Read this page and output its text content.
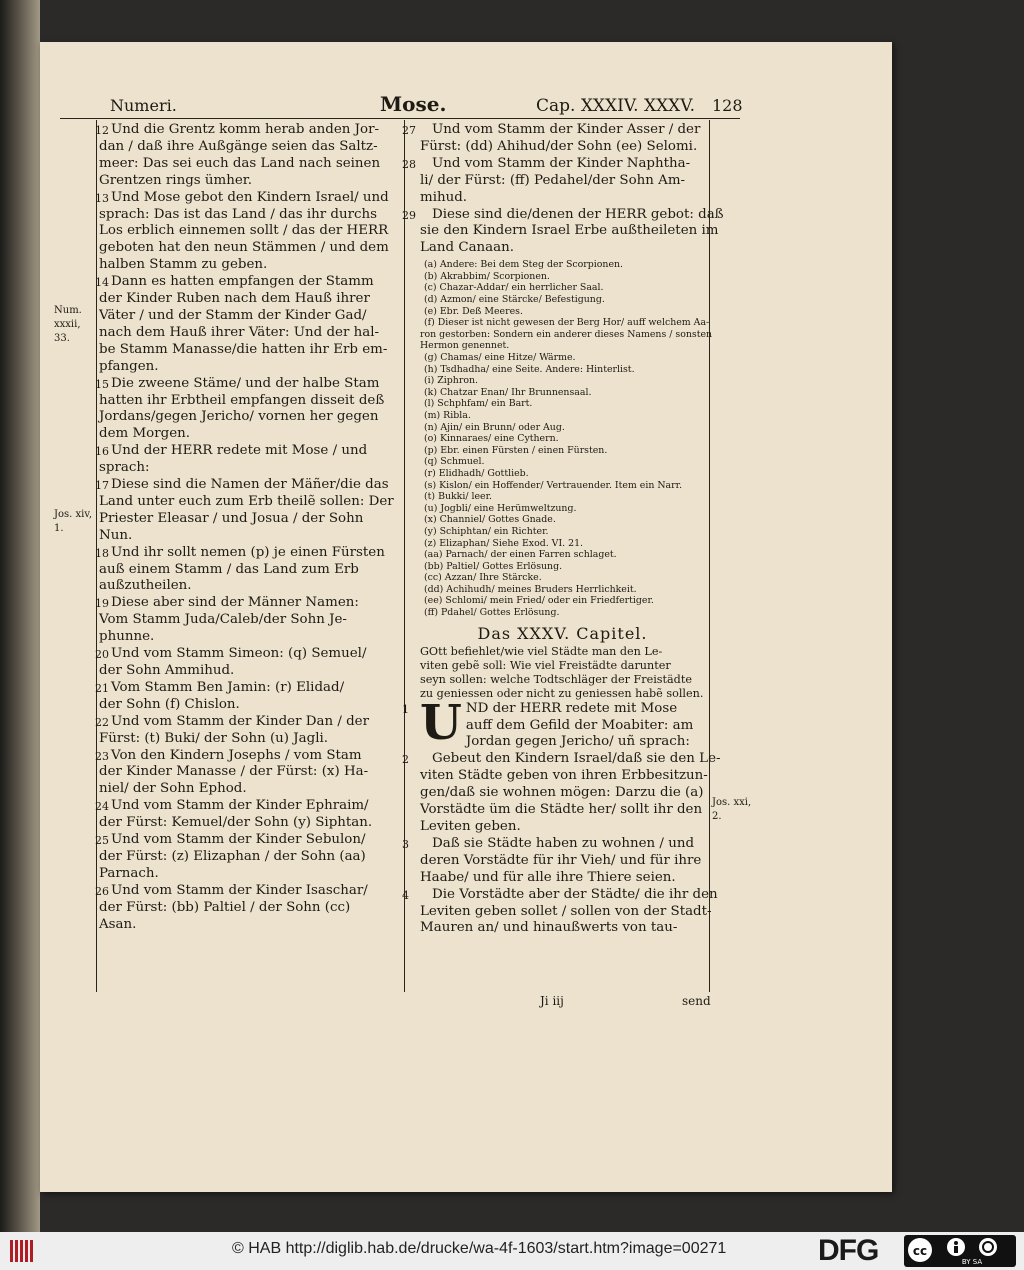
Numeri.	Mose.	Cap. XXXIV. XXXV. 128
Num.
xxxii,
33.
Jos. xiv,
1.
Jos. xxi,
2.
Und die Grentz komm herab anden Jor-
dan / daß ihre Außgänge seien das Saltz-
meer: Das sei euch das Land nach seinen
Grentzen rings ümher.
12
Und Mose gebot den Kindern Israel/ und
sprach: Das ist das Land / das ihr durchs
Los erblich einnemen sollt / das der HERR
geboten hat den neun Stämmen / und dem
halben Stamm zu geben.
13
Dann es hatten empfangen der Stamm
der Kinder Ruben nach dem Hauß ihrer
Väter / und der Stamm der Kinder Gad/
nach dem Hauß ihrer Väter: Und der hal-
be Stamm Manasse/die hatten ihr Erb em-
pfangen.
14
Die zweene Stäme/ und der halbe Stam
hatten ihr Erbtheil empfangen disseit deß
Jordans/gegen Jericho/ vornen her gegen
dem Morgen.
15
Und der HERR redete mit Mose / und
sprach:
16
Diese sind die Namen der Mäñer/die das
Land unter euch zum Erb theilẽ sollen: Der
Priester Eleasar / und Josua / der Sohn
Nun.
17
Und ihr sollt nemen (p) je einen Fürsten
auß einem Stamm / das Land zum Erb
außzutheilen.
18
Diese aber sind der Männer Namen:
Vom Stamm Juda/Caleb/der Sohn Je-
phunne.
19
Und vom Stamm Simeon: (q) Semuel/
der Sohn Ammihud.
20
Vom Stamm Ben Jamin: (r) Elidad/
der Sohn (f) Chislon.
21
Und vom Stamm der Kinder Dan / der
Fürst: (t) Buki/ der Sohn (u) Jagli.
22
Von den Kindern Josephs / vom Stam
der Kinder Manasse / der Fürst: (x) Ha-
niel/ der Sohn Ephod.
23
Und vom Stamm der Kinder Ephraim/
der Fürst: Kemuel/der Sohn (y) Siphtan.
24
Und vom Stamm der Kinder Sebulon/
der Fürst: (z) Elizaphan / der Sohn (aa)
Parnach.
25
Und vom Stamm der Kinder Isaschar/
der Fürst: (bb) Paltiel / der Sohn (cc)
Asan.
26
Und vom Stamm der Kinder Asser / der
Fürst: (dd) Ahihud/der Sohn (ee) Selomi.
27
Und vom Stamm der Kinder Naphtha-
li/ der Fürst: (ff) Pedahel/der Sohn Am-
mihud.
28
Diese sind die/denen der HERR gebot: daß
sie den Kindern Israel Erbe außtheileten im
Land Canaan.
29
(a) Andere: Bei dem Steg der Scorpionen.
(b) Akrabbim/ Scorpionen.
(c) Chazar-Addar/ ein herrlicher Saal.
(d) Azmon/ eine Stärcke/ Befestigung.
(e) Ebr. Deß Meeres.
(f) Dieser ist nicht gewesen der Berg Hor/ auff welchem Aa-
ron gestorben: Sondern ein anderer dieses Namens / sonsten
Hermon genennet.
(g) Chamas/ eine Hitze/ Wärme.
(h) Tsdhadha/ eine Seite. Andere: Hinterlist.
(i) Ziphron.
(k) Chatzar Enan/ Ihr Brunnensaal.
(l) Schphfam/ ein Bart.
(m) Ribla.
(n) Ajin/ ein Brunn/ oder Aug.
(o) Kinnaraes/ eine Cythern.
(p) Ebr. einen Fürsten / einen Fürsten.
(q) Schmuel.
(r) Elidhadh/ Gottlieb.
(s) Kislon/ ein Hoffender/ Vertrauender. Item ein Narr.
(t) Bukki/ leer.
(u) Jogbli/ eine Herümweltzung.
(x) Channiel/ Gottes Gnade.
(y) Schiphtan/ ein Richter.
(z) Elizaphan/ Siehe Exod. VI. 21.
(aa) Parnach/ der einen Farren schlaget.
(bb) Paltiel/ Gottes Erlösung.
(cc) Azzan/ Ihre Stärcke.
(dd) Achihudh/ meines Bruders Herrlichkeit.
(ee) Schlomi/ mein Fried/ oder ein Friedfertiger.
(ff) Pdahel/ Gottes Erlösung.
Das XXXV. Capitel.
GOtt befiehlet/wie viel Städte man den Le-
viten gebẽ soll: Wie viel Freistädte darunter
seyn sollen: welche Todtschläger der Freistädte
zu geniessen oder nicht zu geniessen habẽ sollen.
U ND der HERR redete mit Mose
auff dem Gefild der Moabiter: am
Jordan gegen Jericho/ uñ sprach:
1
Gebeut den Kindern Israel/daß sie den Le-
viten Städte geben von ihren Erbbesitzun-
gen/daß sie wohnen mögen: Darzu die (a)
Vorstädte üm die Städte her/ sollt ihr den
Leviten geben.
2
Daß sie Städte haben zu wohnen / und
deren Vorstädte für ihr Vieh/ und für ihre
Haabe/ und für alle ihre Thiere seien.
3
Die Vorstädte aber der Städte/ die ihr den
Leviten geben sollet / sollen von der Stadt-
Mauren an/ und hinaußwerts von tau-
4
Ji iij	send
© HAB http://diglib.hab.de/drucke/wa-4f-1603/start.htm?image=00271	DFG	cc
BY SA
